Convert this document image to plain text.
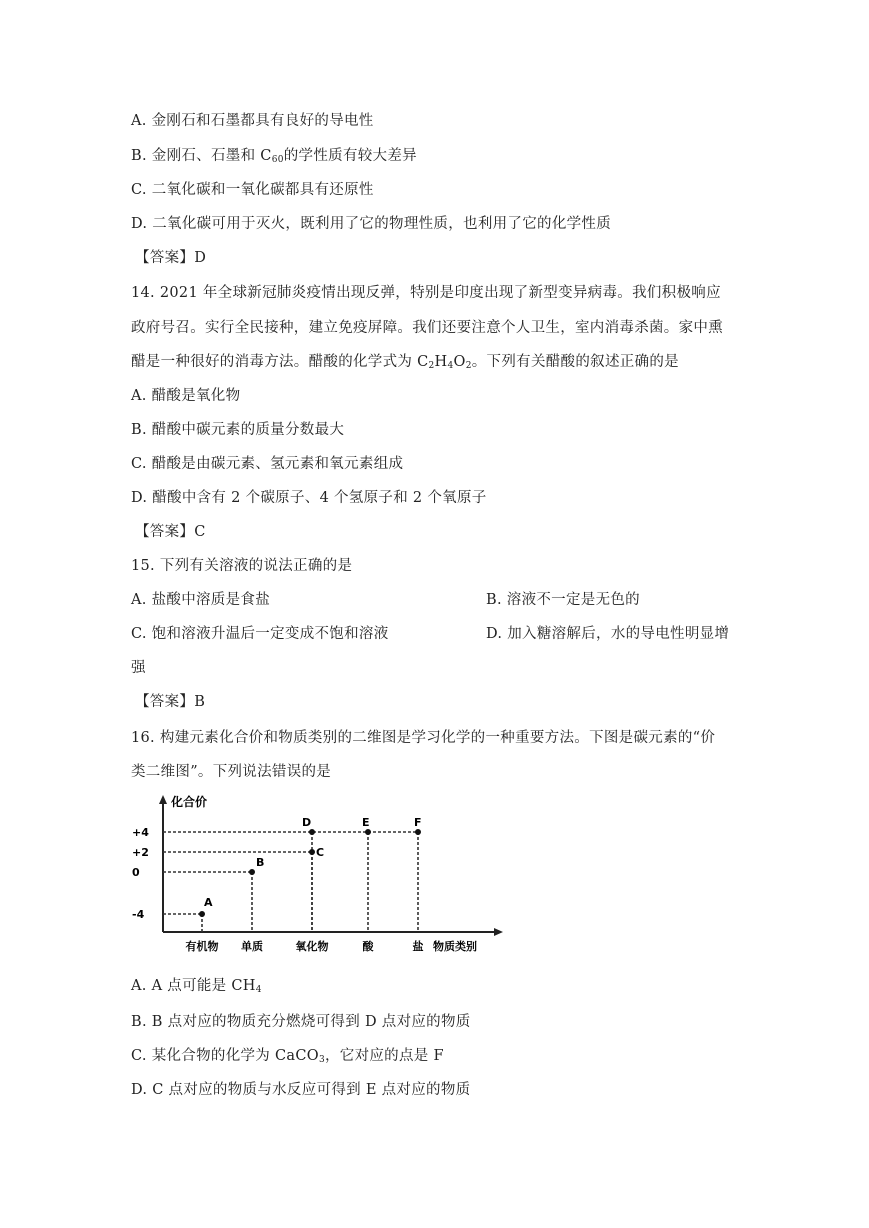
A. 金刚石和石墨都具有良好的导电性
B. 金刚石、石墨和 $C_{60}$的学性质有较大差异
C. 二氧化碳和一氧化碳都具有还原性
D. 二氧化碳可用于灭火，既利用了它的物理性质，也利用了它的化学性质
【答案】D
14. 2021 年全球新冠肺炎疫情出现反弹，特别是印度出现了新型变异病毒。我们积极响应
政府号召。实行全民接种，建立免疫屏障。我们还要注意个人卫生，室内消毒杀菌。家中熏
醋是一种很好的消毒方法。醋酸的化学式为 $C_2H_4O_2$。下列有关醋酸的叙述正确的是
A. 醋酸是氧化物
B. 醋酸中碳元素的质量分数最大
C. 醋酸是由碳元素、氢元素和氧元素组成
D. 醋酸中含有 2 个碳原子、4 个氢原子和 2 个氧原子
【答案】C
15. 下列有关溶液的说法正确的是
A. 盐酸中溶质是食盐	B. 溶液不一定是无色的
C. 饱和溶液升温后一定变成不饱和溶液	D. 加入糖溶解后，水的导电性明显增
强
【答案】B
16. 构建元素化合价和物质类别的二维图是学习化学的一种重要方法。下图是碳元素的“价
类二维图”。下列说法错误的是
+4
+2
0
-4
有机物 单质	氧化物	酸	盐
A
B
C
D	E	F
化合价
物质类别
A. A 点可能是 $CH_4$
B. B 点对应的物质充分燃烧可得到 D 点对应的物质
C. 某化合物的化学为 CaCO$_3$，它对应的点是 F
D. C 点对应的物质与水反应可得到 E 点对应的物质
